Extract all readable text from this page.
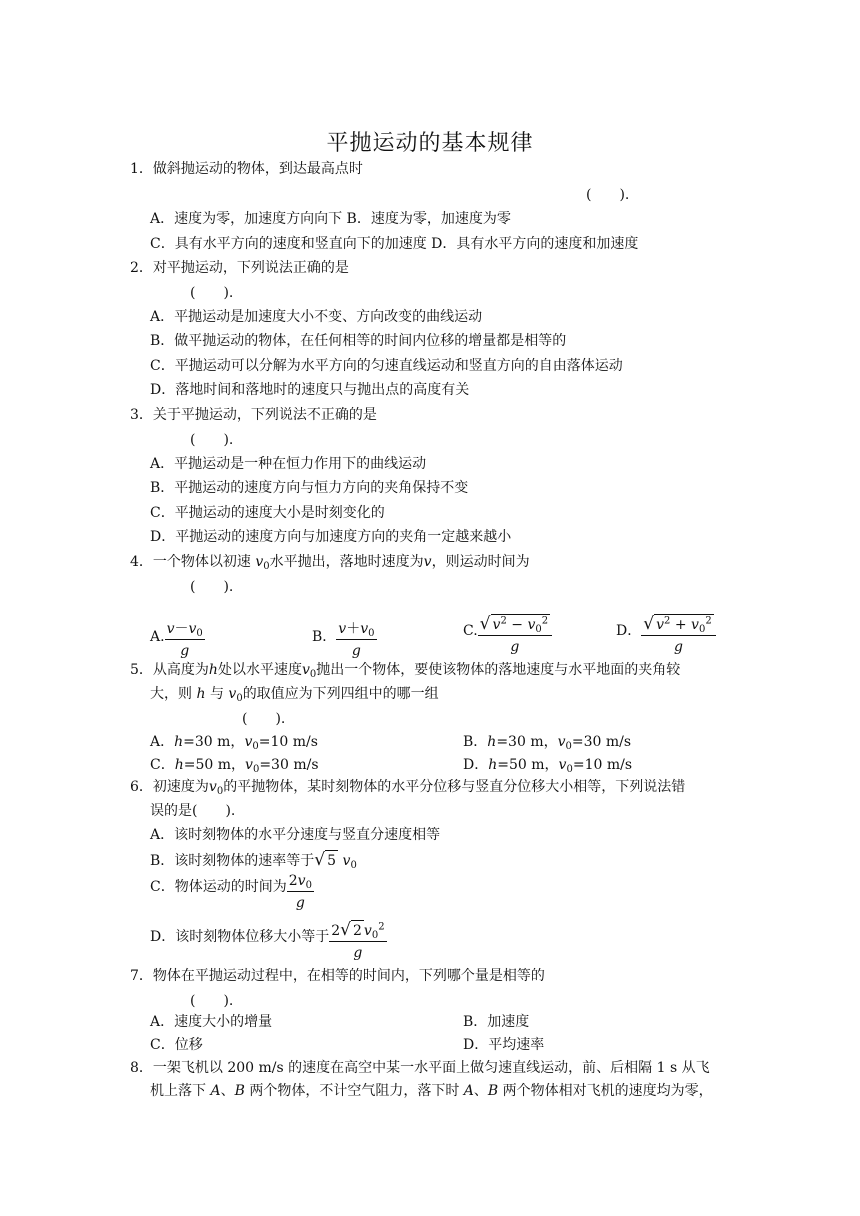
平抛运动的基本规律
1．做斜抛运动的物体，到达最高点时
(　　).
A．速度为零，加速度方向向下 B．速度为零，加速度为零
C．具有水平方向的速度和竖直向下的加速度 D．具有水平方向的速度和加速度
2．对平抛运动，下列说法正确的是
(　　).
A．平抛运动是加速度大小不变、方向改变的曲线运动
B．做平抛运动的物体，在任何相等的时间内位移的增量都是相等的
C．平抛运动可以分解为水平方向的匀速直线运动和竖直方向的自由落体运动
D．落地时间和落地时的速度只与抛出点的高度有关
3．关于平抛运动，下列说法不正确的是
(　　).
A．平抛运动是一种在恒力作用下的曲线运动
B．平抛运动的速度方向与恒力方向的夹角保持不变
C．平抛运动的速度大小是时刻变化的
D．平抛运动的速度方向与加速度方向的夹角一定越来越小
4．一个物体以初速 $v_0$水平抛出，落地时速度为v，则运动时间为
(　　).
A. $\frac{v-v_0}{g}$	B． $\frac{v+v_0}{g}$	C. $\frac{√ v^2 - v_0^2}{g}$	D． $\frac{√ v^2 + v_0^2}{g}$
5．从高度为h处以水平速度$v_0$抛出一个物体，要使该物体的落地速度与水平地面的夹角较
大，则 h 与 $v_0$的取值应为下列四组中的哪一组
(　　).
A．h=30 m，$v_0=10$ m/s	B．h=30 m，$v_0=30$ m/s
C．h=50 m，$v_0=30$ m/s	D．h=50 m，$v_0=10$ m/s
6．初速度为$v_0$的平抛物体，某时刻物体的水平分位移与竖直分位移大小相等，下列说法错
误的是(　　).
A．该时刻物体的水平分速度与竖直分速度相等
B．该时刻物体的速率等于√ 5 $v_0$
C．物体运动的时间为 $\frac{2v_0}{g}$
D．该时刻物体位移大小等于 $\frac{2√ 2 v_0^2}{g}$
7．物体在平抛运动过程中，在相等的时间内，下列哪个量是相等的
(　　).
A．速度大小的增量	B．加速度
C．位移	D．平均速率
8．一架飞机以 200 m/s 的速度在高空中某一水平面上做匀速直线运动，前、后相隔 1 s 从飞
机上落下 A、B 两个物体，不计空气阻力，落下时 A、B 两个物体相对飞机的速度均为零，
